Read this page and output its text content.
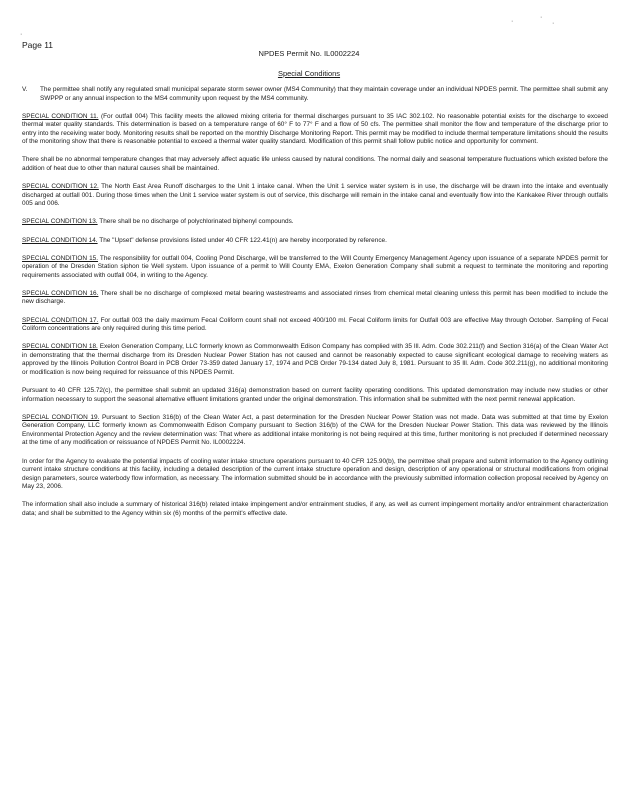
·
·
·
·
Page 11
NPDES Permit No. IL0002224
Special Conditions
V.	The permittee shall notify any regulated small municipal separate storm sewer owner (MS4 Community) that they maintain coverage under an individual NPDES permit. The permittee shall submit any SWPPP or any annual inspection to the MS4 community upon request by the MS4 community.

SPECIAL CONDITION 11. (For outfall 004) This facility meets the allowed mixing criteria for thermal discharges pursuant to 35 IAC 302.102. No reasonable potential exists for the discharge to exceed thermal water quality standards. This determination is based on a temperature range of 60° F to 77° F and a flow of 50 cfs. The permittee shall monitor the flow and temperature of the discharge prior to entry into the receiving water body. Monitoring results shall be reported on the monthly Discharge Monitoring Report. This permit may be modified to include thermal temperature limitations should the results of the monitoring show that there is reasonable potential to exceed a thermal water quality standard. Modification of this permit shall follow public notice and opportunity for comment.

There shall be no abnormal temperature changes that may adversely affect aquatic life unless caused by natural conditions. The normal daily and seasonal temperature fluctuations which existed before the addition of heat due to other than natural causes shall be maintained.

SPECIAL CONDITION 12. The North East Area Runoff discharges to the Unit 1 intake canal. When the Unit 1 service water system is in use, the discharge will be drawn into the intake and eventually discharged at outfall 001. During those times when the Unit 1 service water system is out of service, this discharge will remain in the intake canal and eventually flow into the Kankakee River through outfalls 005 and 006.

SPECIAL CONDITION 13. There shall be no discharge of polychlorinated biphenyl compounds.

SPECIAL CONDITION 14. The "Upset" defense provisions listed under 40 CFR 122.41(n) are hereby incorporated by reference.

SPECIAL CONDITION 15. The responsibility for outfall 004, Cooling Pond Discharge, will be transferred to the Will County Emergency Management Agency upon issuance of a separate NPDES permit for operation of the Dresden Station siphon tie Well system. Upon issuance of a permit to Will County EMA, Exelon Generation Company shall submit a request to terminate the monitoring and reporting requirements associated with outfall 004, in writing to the Agency.

SPECIAL CONDITION 16. There shall be no discharge of complexed metal bearing wastestreams and associated rinses from chemical metal cleaning unless this permit has been modified to include the new discharge.

SPECIAL CONDITION 17. For outfall 003 the daily maximum Fecal Coliform count shall not exceed 400/100 ml. Fecal Coliform limits for Outfall 003 are effective May through October. Sampling of Fecal Coliform concentrations are only required during this time period.

SPECIAL CONDITION 18. Exelon Generation Company, LLC formerly known as Commonwealth Edison Company has complied with 35 Ill. Adm. Code 302.211(f) and Section 316(a) of the Clean Water Act in demonstrating that the thermal discharge from its Dresden Nuclear Power Station has not caused and cannot be reasonably expected to cause significant ecological damage to receiving waters as approved by the Illinois Pollution Control Board in PCB Order 73-359 dated January 17, 1974 and PCB Order 79-134 dated July 8, 1981. Pursuant to 35 Ill. Adm. Code 302.211(g), no additional monitoring or modification is now being required for reissuance of this NPDES Permit.

Pursuant to 40 CFR 125.72(c), the permittee shall submit an updated 316(a) demonstration based on current facility operating conditions. This updated demonstration may include new studies or other information necessary to support the seasonal alternative effluent limitations granted under the original demonstration. This information shall be submitted with the next permit renewal application.

SPECIAL CONDITION 19. Pursuant to Section 316(b) of the Clean Water Act, a past determination for the Dresden Nuclear Power Station was not made. Data was submitted at that time by Exelon Generation Company, LLC formerly known as Commonwealth Edison Company pursuant to Section 316(b) of the CWA for the Dresden Nuclear Power Station. This data was reviewed by the Illinois Environmental Protection Agency and the review determination was: That where as additional intake monitoring is not being required at this time, further monitoring is not precluded if determined necessary at the time of any modification or reissuance of NPDES Permit No. IL0002224.

In order for the Agency to evaluate the potential impacts of cooling water intake structure operations pursuant to 40 CFR 125.90(b), the permittee shall prepare and submit information to the Agency outlining current intake structure conditions at this facility, including a detailed description of the current intake structure operation and design, description of any operational or structural modifications from original design parameters, source waterbody flow information, as necessary. The information submitted should be in accordance with the previously submitted information collection proposal received by Agency on May 23, 2006.

The information shall also include a summary of historical 316(b) related intake impingement and/or entrainment studies, if any, as well as current impingement mortality and/or entrainment characterization data; and shall be submitted to the Agency within six (6) months of the permit's effective date.
